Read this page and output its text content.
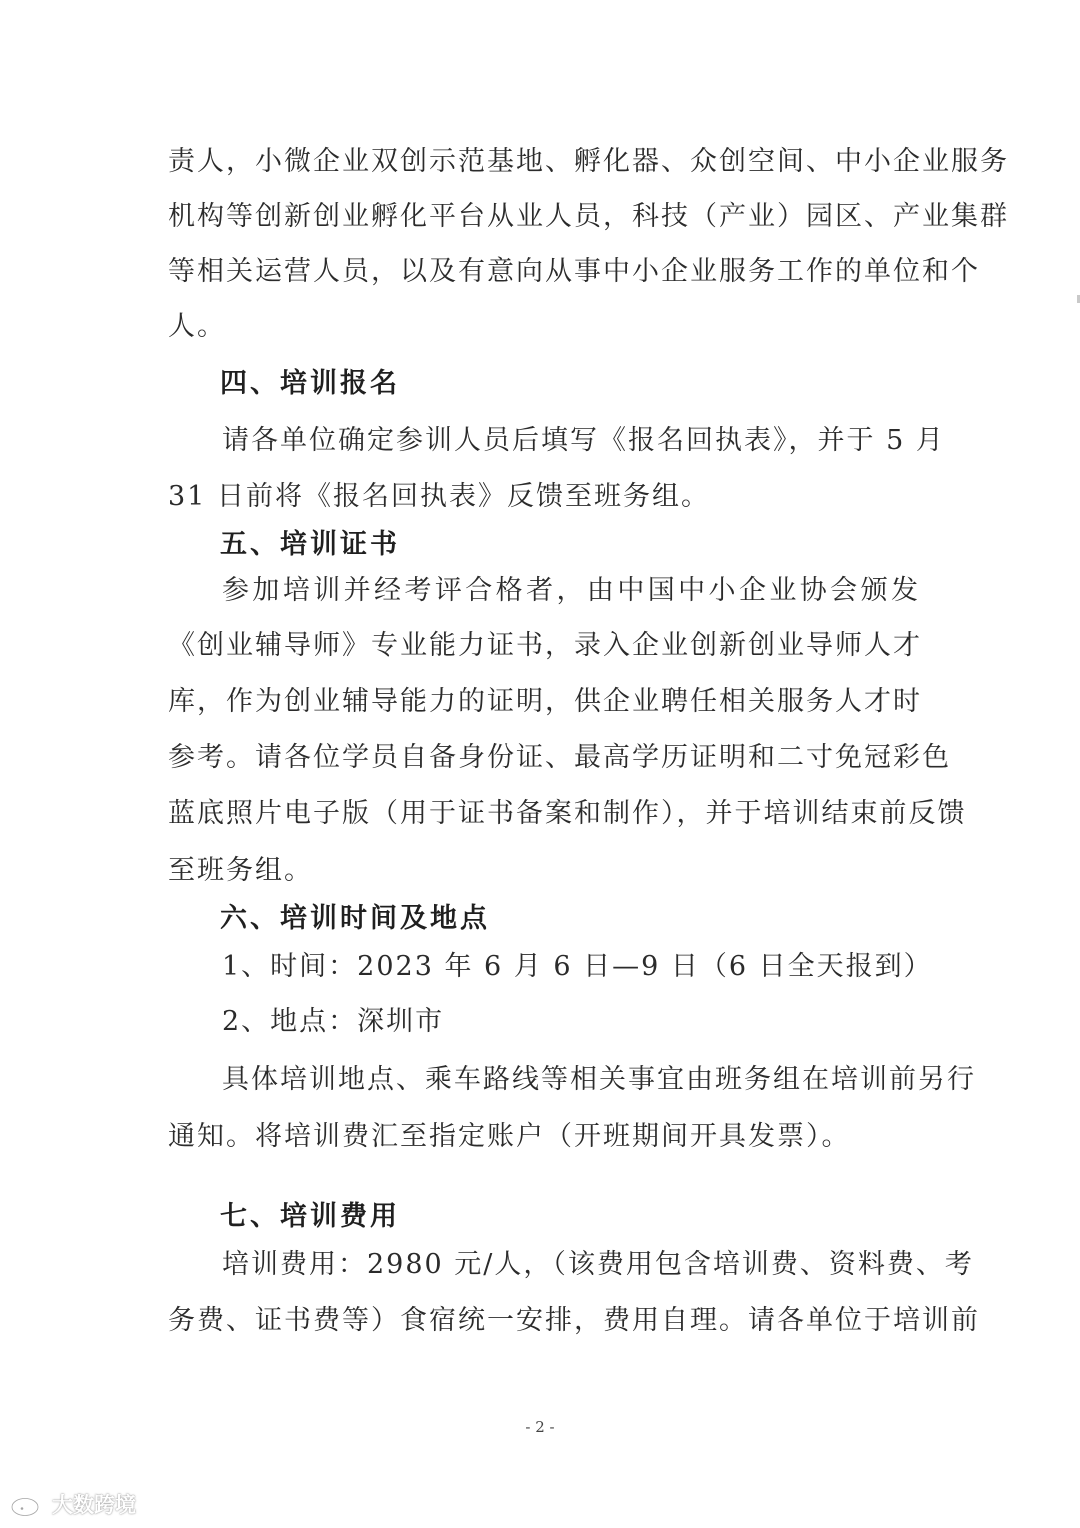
责人，小微企业双创示范基地、孵化器、众创空间、中小企业服务
机构等创新创业孵化平台从业人员，科技（产业）园区、产业集群
等相关运营人员，以及有意向从事中小企业服务工作的单位和个
人。
四、培训报名
请各单位确定参训人员后填写《报名回执表》，并于 5 月
31 日前将《报名回执表》反馈至班务组。
五、培训证书
参加培训并经考评合格者，由中国中小企业协会颁发
《创业辅导师》专业能力证书，录入企业创新创业导师人才
库，作为创业辅导能力的证明，供企业聘任相关服务人才时
参考。请各位学员自备身份证、最高学历证明和二寸免冠彩色
蓝底照片电子版（用于证书备案和制作），并于培训结束前反馈
至班务组。
六、培训时间及地点
1、时间：2023 年 6 月 6 日—9 日（6 日全天报到）
2、地点：深圳市
具体培训地点、乘车路线等相关事宜由班务组在培训前另行
通知。将培训费汇至指定账户（开班期间开具发票）。
七、培训费用
培训费用：2980 元/人，（该费用包含培训费、资料费、考
务费、证书费等）食宿统一安排，费用自理。请各单位于培训前
- 2 -
大数跨境
